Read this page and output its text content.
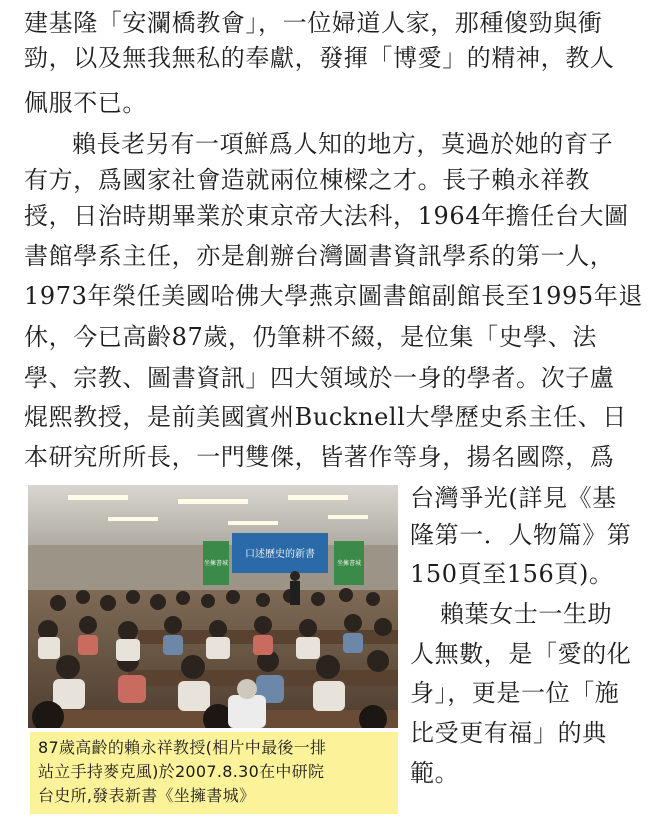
建基隆「安瀾橋教會」，一位婦道人家，那種傻勁與衝
勁，以及無我無私的奉獻，發揮「博愛」的精神，教人
佩服不已。
賴長老另有一項鮮爲人知的地方，莫過於她的育子
有方，爲國家社會造就兩位棟樑之才。長子賴永祥教
授，日治時期畢業於東京帝大法科，1964年擔任台大圖
書館學系主任，亦是創辦台灣圖書資訊學系的第一人，
1973年榮任美國哈佛大學燕京圖書館副館長至1995年退
休，今已高齡87歲，仍筆耕不綴，是位集「史學、法
學、宗教、圖書資訊」四大領域於一身的學者。次子盧
焜熙教授，是前美國賓州Bucknell大學歷史系主任、日
本研究所所長，一門雙傑，皆著作等身，揚名國際，爲
台灣爭光(詳見《基
隆第一．人物篇》第
150頁至156頁)。
賴葉女士一生助
人無數，是「愛的化
身」，更是一位「施
比受更有福」的典
範。
口述歷史的新書
坐擁書城	坐擁書城
87歲高齡的賴永祥教授(相片中最後一排
站立手持麥克風)於2007.8.30在中研院
台史所,發表新書《坐擁書城》
